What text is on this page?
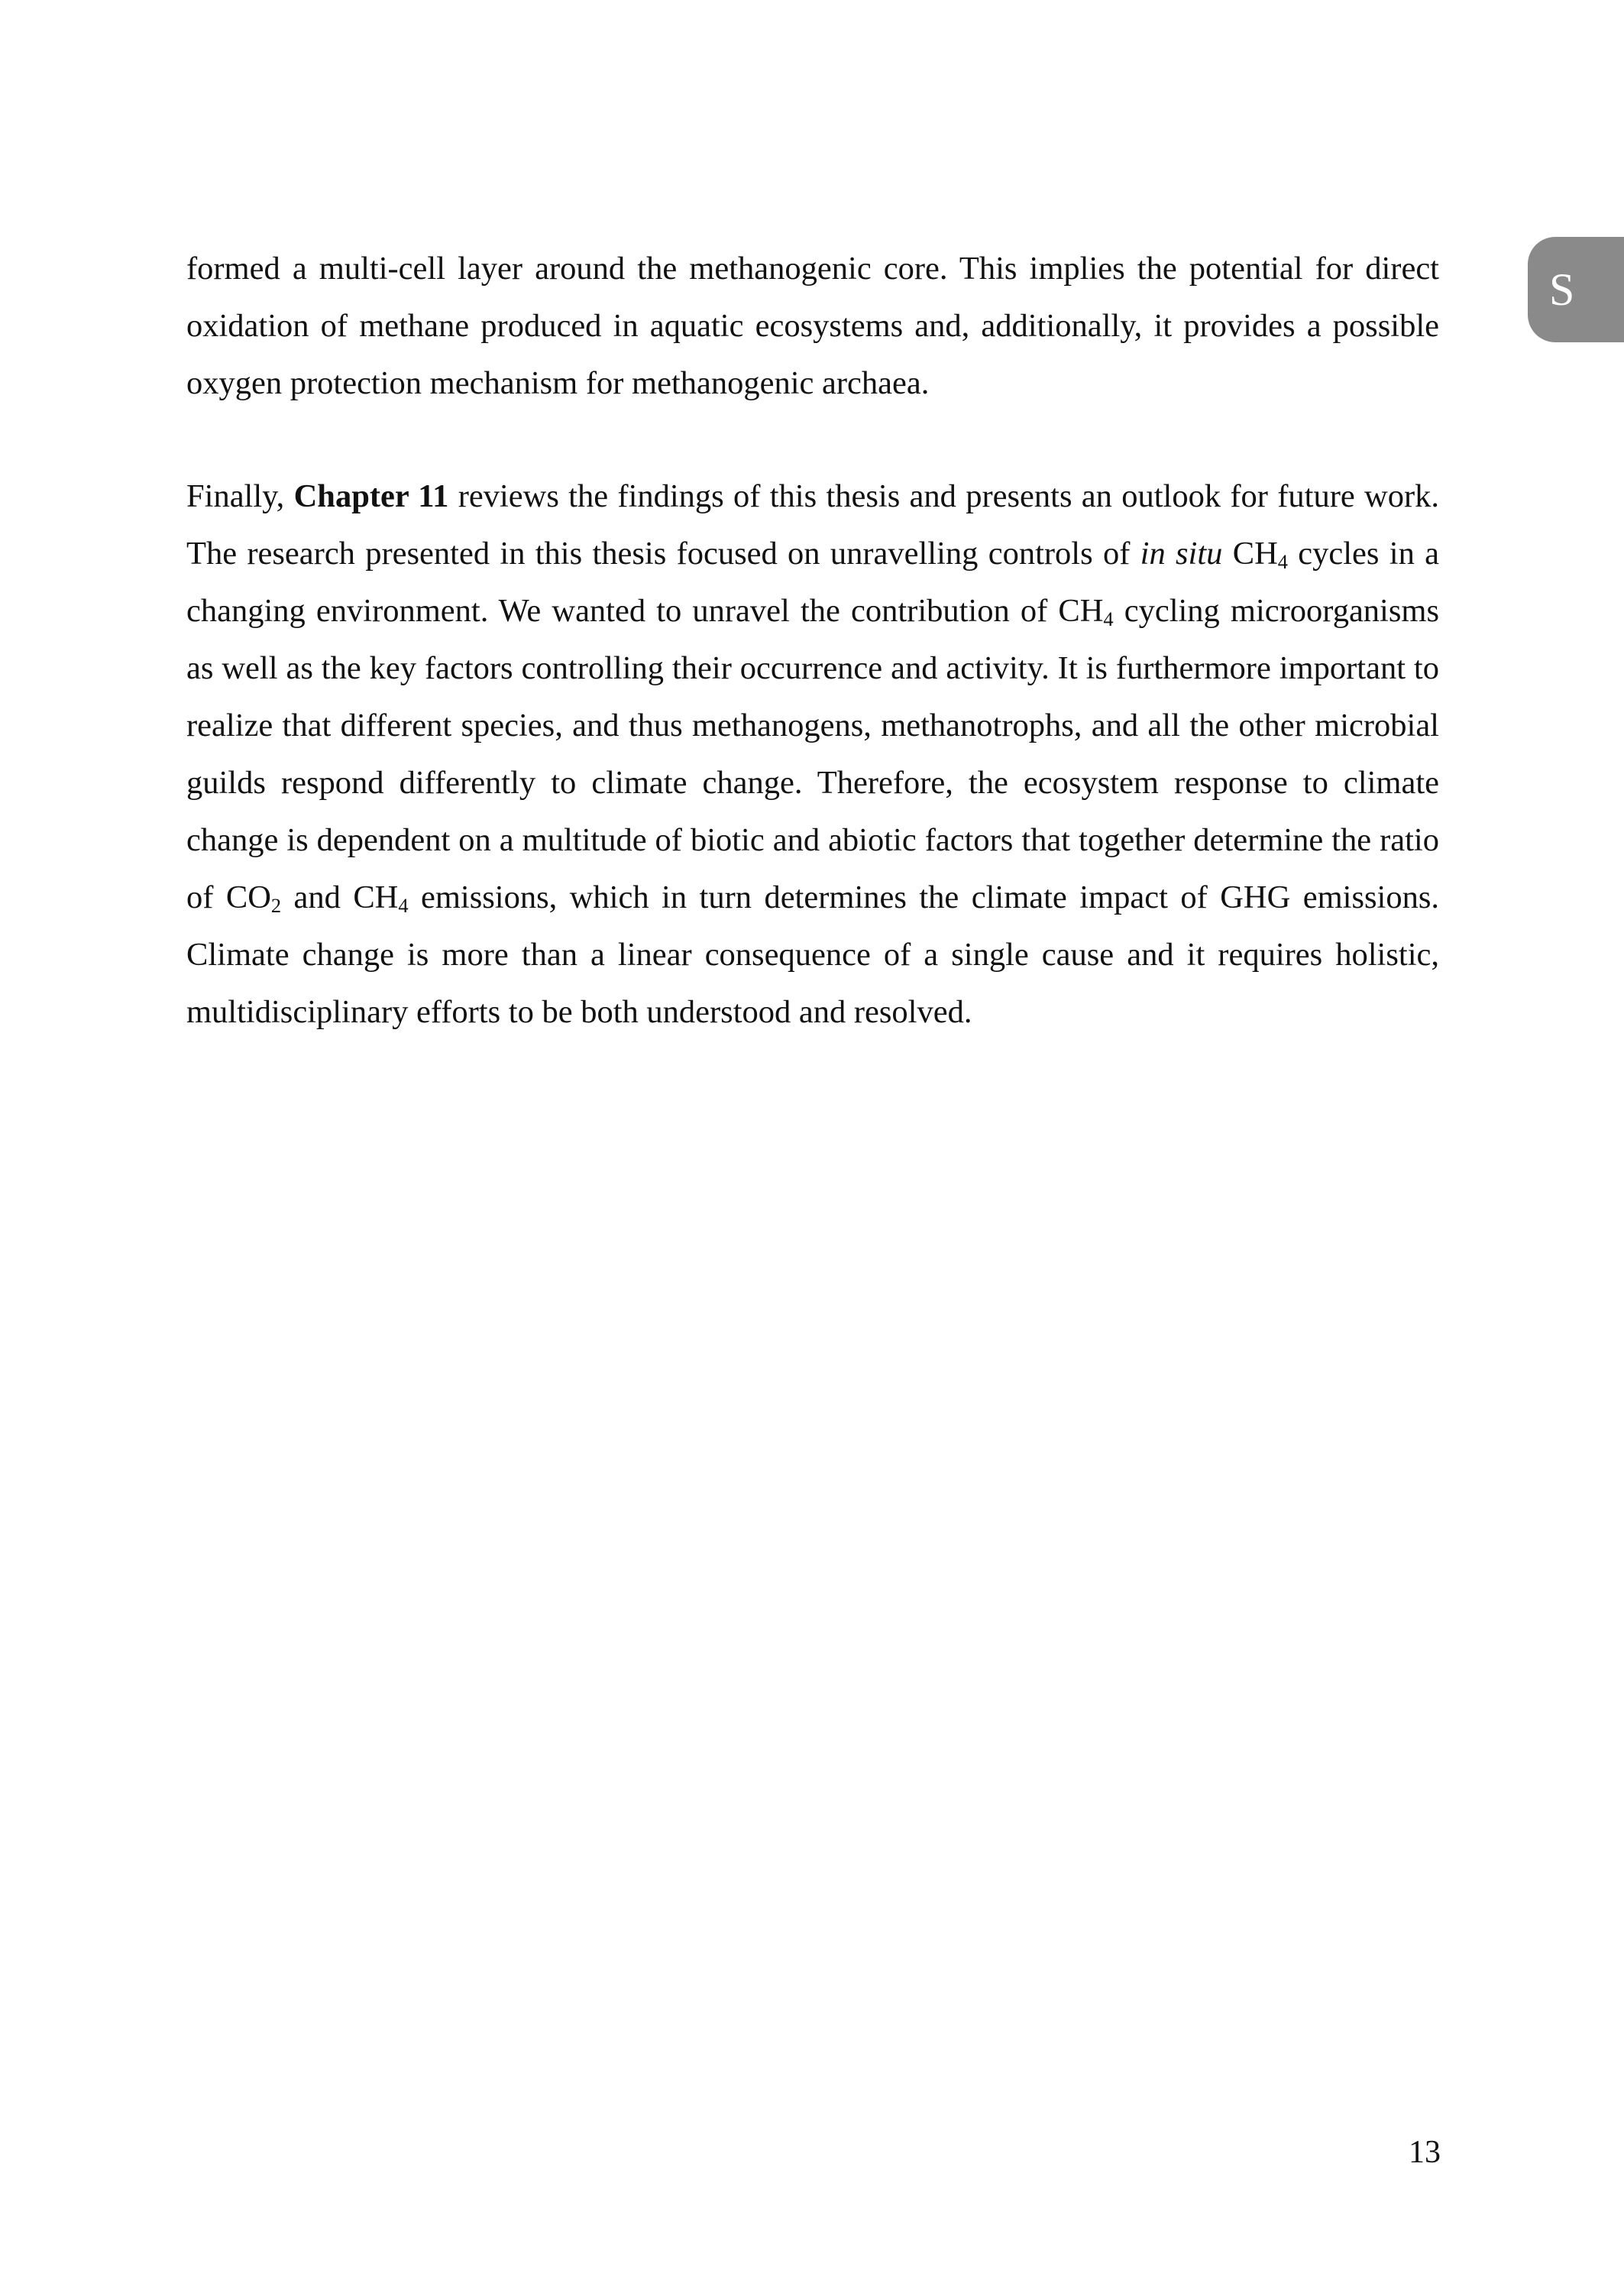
S

formed a multi-cell layer around the methanogenic core. This implies the potential for direct oxidation of methane produced in aquatic ecosystems and, additionally, it provides a possible oxygen protection mechanism for methanogenic archaea.

Finally, Chapter 11 reviews the findings of this thesis and presents an outlook for future work. The research presented in this thesis focused on unravelling controls of in situ $CH_4$ cycles in a changing environment. We wanted to unravel the contribution of $CH_4$ cycling microorganisms as well as the key factors controlling their occurrence and activity. It is furthermore important to realize that different species, and thus methanogens, methanotrophs, and all the other microbial guilds respond differently to climate change. Therefore, the ecosystem response to climate change is dependent on a multitude of biotic and abiotic factors that together determine the ratio of $CO_2$ and $CH_4$ emissions, which in turn determines the climate impact of GHG emissions. Climate change is more than a linear consequence of a single cause and it requires holistic, multidisciplinary efforts to be both understood and resolved.

13
